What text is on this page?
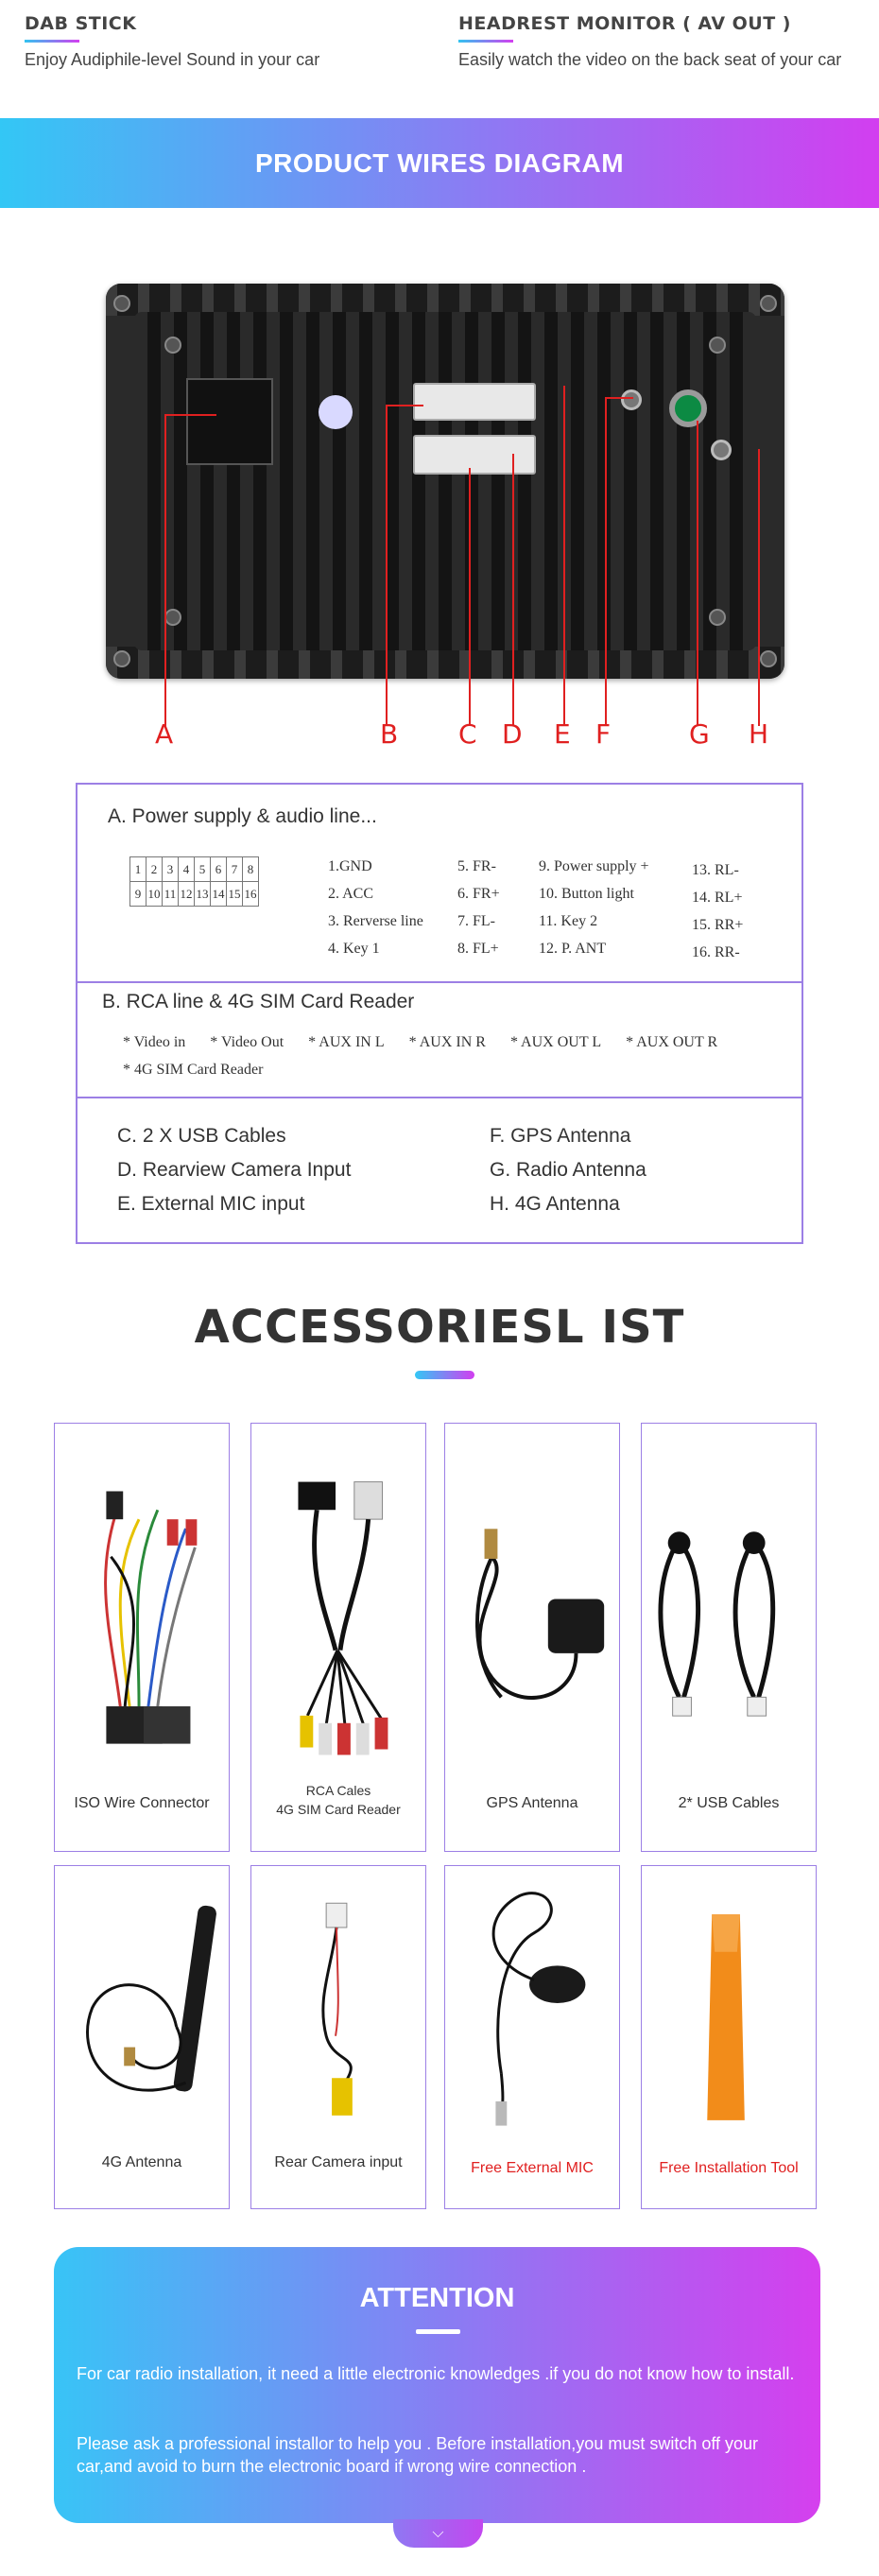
DAB STICK

Enjoy Audiphile-level Sound in your car

HEADREST MONITOR ( AV OUT )

Easily watch the video on the back seat of your car

PRODUCT WIRES DIAGRAM
A	B C D E F	G H
A. Power supply & audio line...
1	2	3	4	5	6	7	8
9	10	11	12	13	14	15	16
1.GND
2. ACC
3. Rerverse line
4. Key 1
5. FR-
6. FR+
7. FL-
8. FL+
9. Power supply +
10. Button light
11. Key 2
12. P. ANT
13. RL-
14. RL+
15. RR+
16. RR-
B. RCA line & 4G SIM Card Reader
* Video in * Video Out * AUX IN L * AUX IN R * AUX OUT L * AUX OUT R * 4G SIM Card Reader
C. 2 X USB Cables
D. Rearview Camera Input
E. External MIC input
F. GPS Antenna
G. Radio Antenna
H. 4G Antenna
ACCESSORIESL IST
ISO Wire Connector
RCA Cales
4G SIM Card Reader	GPS Antenna	2* USB Cables
4G Antenna	Rear Camera input	Free External MIC	Free Installation Tool
ATTENTION

For car radio installation, it need a little electronic knowledges .if you do not know how to install.

Please ask a professional installor to help you . Before installation,you must switch off your car,and avoid to burn the electronic board if wrong wire connection .

⌵
